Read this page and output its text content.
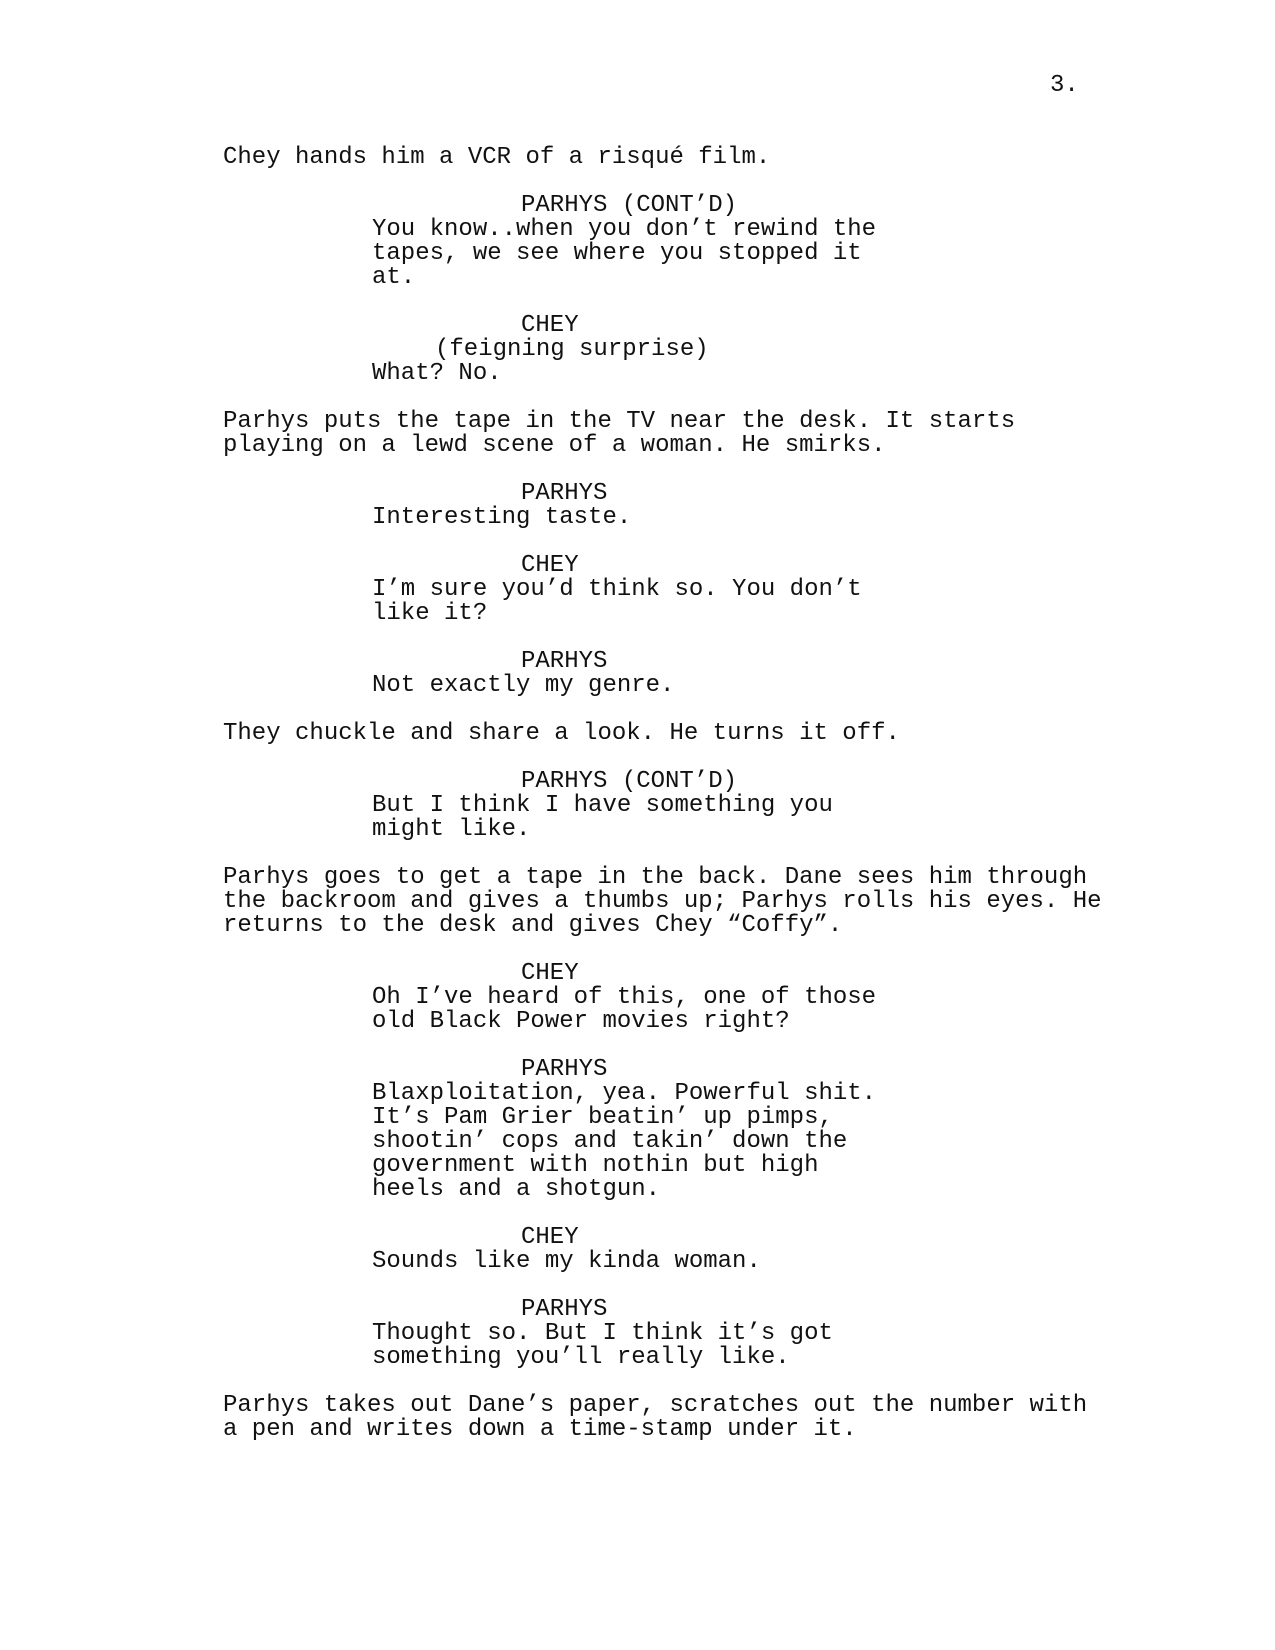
3.

Chey hands him a VCR of a risqué film.

PARHYS (CONT’D)

You know..when you don’t rewind the

tapes, we see where you stopped it

at.

CHEY

(feigning surprise)

What? No.

Parhys puts the tape in the TV near the desk. It starts

playing on a lewd scene of a woman. He smirks.

PARHYS

Interesting taste.

CHEY

I’m sure you’d think so. You don’t

like it?

PARHYS

Not exactly my genre.

They chuckle and share a look. He turns it off.

PARHYS (CONT’D)

But I think I have something you

might like.

Parhys goes to get a tape in the back. Dane sees him through

the backroom and gives a thumbs up; Parhys rolls his eyes. He

returns to the desk and gives Chey “Coffy”.

CHEY

Oh I’ve heard of this, one of those

old Black Power movies right?

PARHYS

Blaxploitation, yea. Powerful shit.

It’s Pam Grier beatin’ up pimps,

shootin’ cops and takin’ down the

government with nothin but high

heels and a shotgun.

CHEY

Sounds like my kinda woman.

PARHYS

Thought so. But I think it’s got

something you’ll really like.

Parhys takes out Dane’s paper, scratches out the number with

a pen and writes down a time-stamp under it.
